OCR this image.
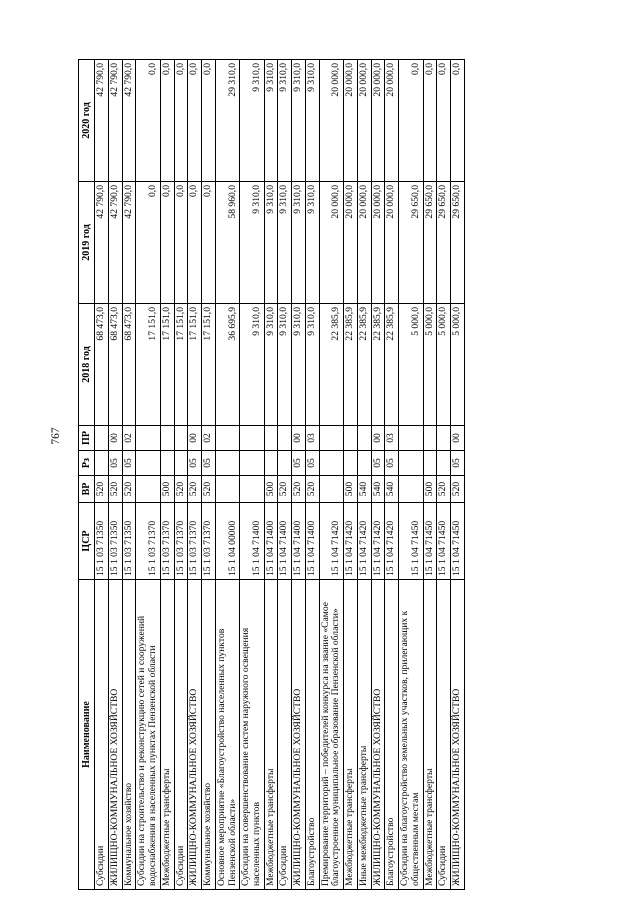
767
Наименование	ЦСР	ВР	Рз	ПР	2018 год	2019 год	2020 год
Субсидии	15 1 03 71350	520			68 473,0	42 790,0	42 790,0
ЖИЛИЩНО-КОММУНАЛЬНОЕ ХОЗЯЙСТВО	15 1 03 71350	520	05	00	68 473,0	42 790,0	42 790,0
Коммунальное хозяйство	15 1 03 71350	520	05	02	68 473,0	42 790,0	42 790,0
Субсидии на строительство и реконструкцию сетей и сооружений водоснабжения в населенных пунктах Пензенской области	15 1 03 71370				17 151,0	0,0	0,0
Межбюджетные трансферты	15 1 03 71370	500			17 151,0	0,0	0,0
Субсидии	15 1 03 71370	520			17 151,0	0,0	0,0
ЖИЛИЩНО-КОММУНАЛЬНОЕ ХОЗЯЙСТВО	15 1 03 71370	520	05	00	17 151,0	0,0	0,0
Коммунальное хозяйство	15 1 03 71370	520	05	02	17 151,0	0,0	0,0
Основное мероприятие «Благоустройство населенных пунктов Пензенской области»	15 1 04 00000				36 695,9	58 960,0	29 310,0
Субсидии на совершенствование систем наружного освещения населенных пунктов	15 1 04 71400				9 310,0	9 310,0	9 310,0
Межбюджетные трансферты	15 1 04 71400	500			9 310,0	9 310,0	9 310,0
Субсидии	15 1 04 71400	520			9 310,0	9 310,0	9 310,0
ЖИЛИЩНО-КОММУНАЛЬНОЕ ХОЗЯЙСТВО	15 1 04 71400	520	05	00	9 310,0	9 310,0	9 310,0
Благоустройство	15 1 04 71400	520	05	03	9 310,0	9 310,0	9 310,0
Премирование территорий – победителей конкурса на звание «Самое благоустроенное муниципальное образование Пензенской области»	15 1 04 71420				22 385,9	20 000,0	20 000,0
Межбюджетные трансферты	15 1 04 71420	500			22 385,9	20 000,0	20 000,0
Иные межбюджетные трансферты	15 1 04 71420	540			22 385,9	20 000,0	20 000,0
ЖИЛИЩНО-КОММУНАЛЬНОЕ ХОЗЯЙСТВО	15 1 04 71420	540	05	00	22 385,9	20 000,0	20 000,0
Благоустройство	15 1 04 71420	540	05	03	22 385,9	20 000,0	20 000,0
Субсидии на благоустройство земельных участков, прилегающих к общественным местам	15 1 04 71450				5 000,0	29 650,0	0,0
Межбюджетные трансферты	15 1 04 71450	500			5 000,0	29 650,0	0,0
Субсидии	15 1 04 71450	520			5 000,0	29 650,0	0,0
ЖИЛИЩНО-КОММУНАЛЬНОЕ ХОЗЯЙСТВО	15 1 04 71450	520	05	00	5 000,0	29 650,0	0,0
